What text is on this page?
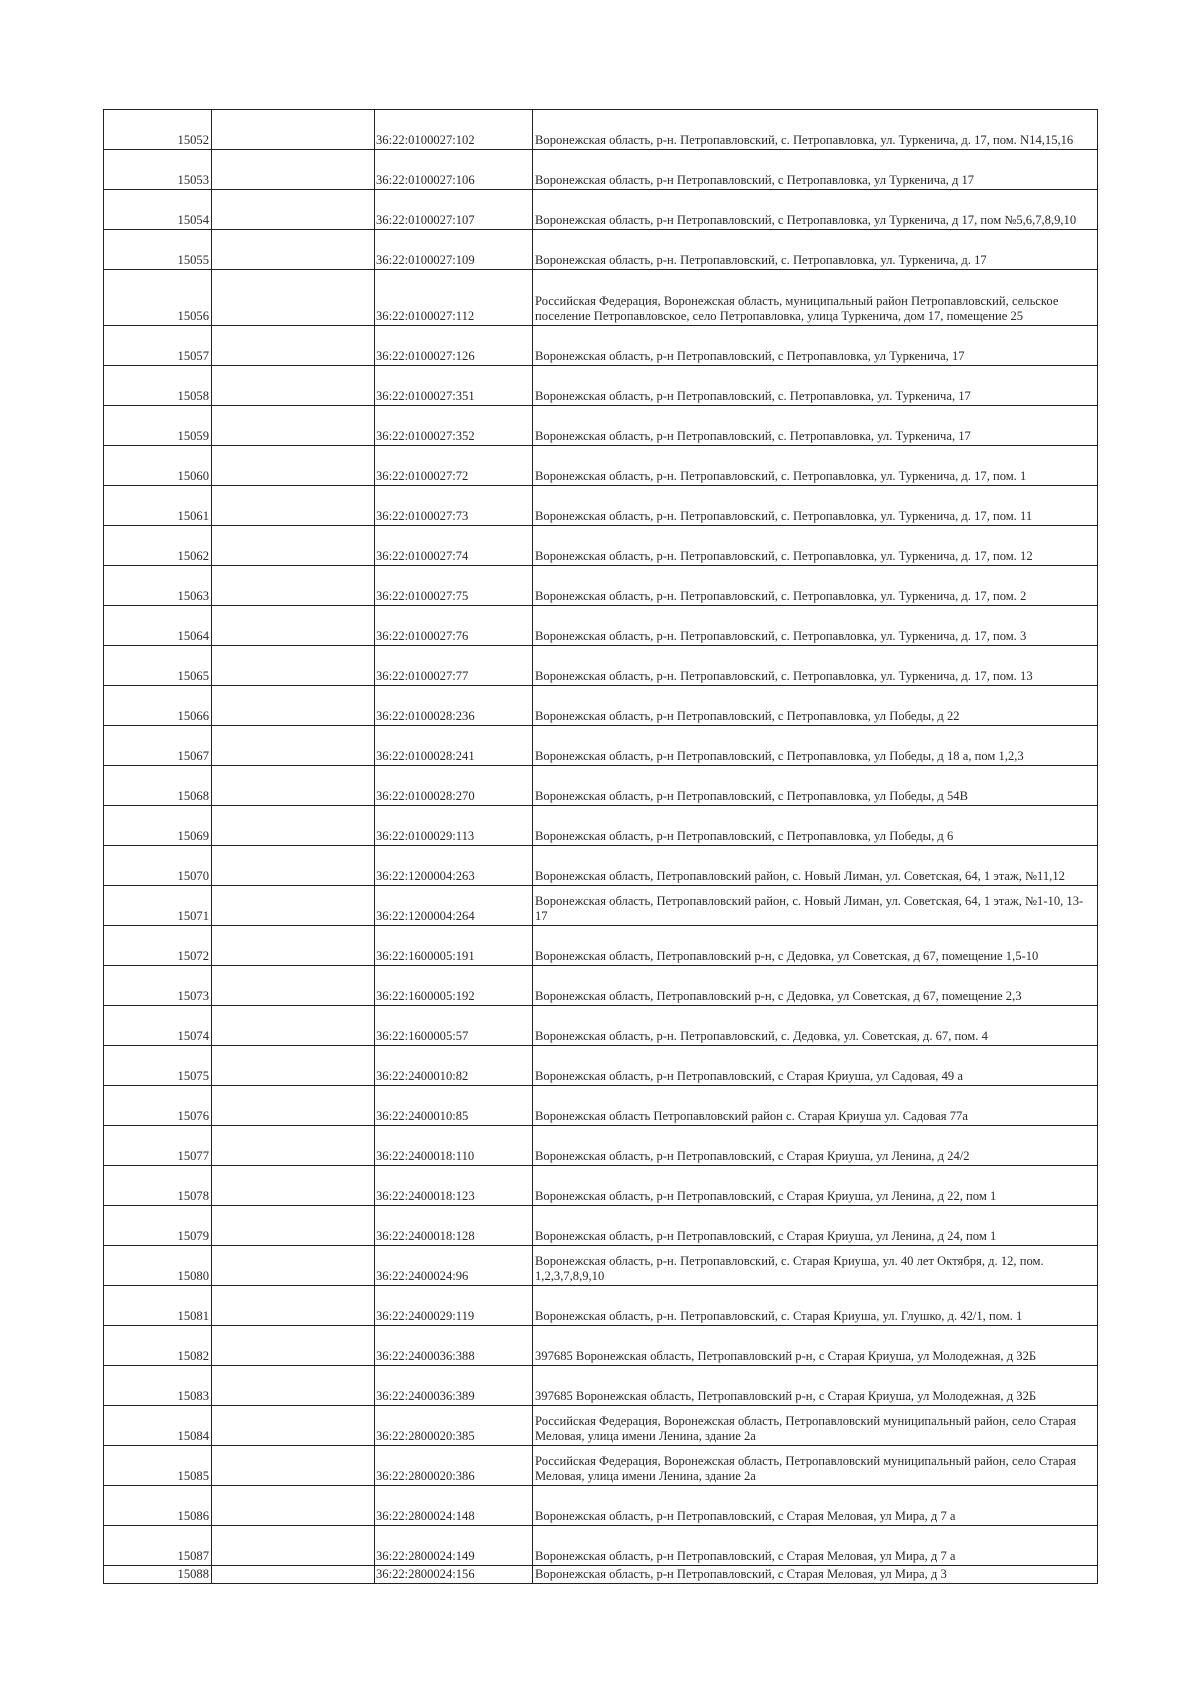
15052		36:22:0100027:102	Воронежская область, р-н. Петропавловский, с. Петропавловка, ул. Туркенича, д. 17, пом. N14,15,16
15053		36:22:0100027:106	Воронежская область, р-н Петропавловский, с Петропавловка, ул Туркенича, д 17
15054		36:22:0100027:107	Воронежская область, р-н Петропавловский, с Петропавловка, ул Туркенича, д 17, пом №5,6,7,8,9,10
15055		36:22:0100027:109	Воронежская область, р-н. Петропавловский, с. Петропавловка, ул. Туркенича, д. 17
15056		36:22:0100027:112	Российская Федерация, Воронежская область, муниципальный район Петропавловский, сельское поселение Петропавловское, село Петропавловка, улица Туркенича, дом 17, помещение 25
15057		36:22:0100027:126	Воронежская область, р-н Петропавловский, с Петропавловка, ул Туркенича, 17
15058		36:22:0100027:351	Воронежская область, р-н Петропавловский, с. Петропавловка, ул. Туркенича, 17
15059		36:22:0100027:352	Воронежская область, р-н Петропавловский, с. Петропавловка, ул. Туркенича, 17
15060		36:22:0100027:72	Воронежская область, р-н. Петропавловский, с. Петропавловка, ул. Туркенича, д. 17, пом. 1
15061		36:22:0100027:73	Воронежская область, р-н. Петропавловский, с. Петропавловка, ул. Туркенича, д. 17, пом. 11
15062		36:22:0100027:74	Воронежская область, р-н. Петропавловский, с. Петропавловка, ул. Туркенича, д. 17, пом. 12
15063		36:22:0100027:75	Воронежская область, р-н. Петропавловский, с. Петропавловка, ул. Туркенича, д. 17, пом. 2
15064		36:22:0100027:76	Воронежская область, р-н. Петропавловский, с. Петропавловка, ул. Туркенича, д. 17, пом. 3
15065		36:22:0100027:77	Воронежская область, р-н. Петропавловский, с. Петропавловка, ул. Туркенича, д. 17, пом. 13
15066		36:22:0100028:236	Воронежская область, р-н Петропавловский, с Петропавловка, ул Победы, д 22
15067		36:22:0100028:241	Воронежская область, р-н Петропавловский, с Петропавловка, ул Победы, д 18 а, пом 1,2,3
15068		36:22:0100028:270	Воронежская область, р-н Петропавловский, с Петропавловка, ул Победы, д 54В
15069		36:22:0100029:113	Воронежская область, р-н Петропавловский, с Петропавловка, ул Победы, д 6
15070		36:22:1200004:263	Воронежская область, Петропавловский район, с. Новый Лиман, ул. Советская, 64, 1 этаж, №11,12
15071		36:22:1200004:264	Воронежская область, Петропавловский район, с. Новый Лиман, ул. Советская, 64, 1 этаж, №1-10, 13-17
15072		36:22:1600005:191	Воронежская область, Петропавловский р-н, с Дедовка, ул Советская, д 67, помещение 1,5-10
15073		36:22:1600005:192	Воронежская область, Петропавловский р-н, с Дедовка, ул Советская, д 67, помещение 2,3
15074		36:22:1600005:57	Воронежская область, р-н. Петропавловский, с. Дедовка, ул. Советская, д. 67, пом. 4
15075		36:22:2400010:82	Воронежская область, р-н Петропавловский, с Старая Криуша, ул Садовая, 49 а
15076		36:22:2400010:85	Воронежская область Петропавловский район с. Старая Криуша ул. Садовая 77а
15077		36:22:2400018:110	Воронежская область, р-н Петропавловский, с Старая Криуша, ул Ленина, д 24/2
15078		36:22:2400018:123	Воронежская область, р-н Петропавловский, с Старая Криуша, ул Ленина, д 22, пом 1
15079		36:22:2400018:128	Воронежская область, р-н Петропавловский, с Старая Криуша, ул Ленина, д 24, пом 1
15080		36:22:2400024:96	Воронежская область, р-н. Петропавловский, с. Старая Криуша, ул. 40 лет Октября, д. 12, пом. 1,2,3,7,8,9,10
15081		36:22:2400029:119	Воронежская область, р-н. Петропавловский, с. Старая Криуша, ул. Глушко, д. 42/1, пом. 1
15082		36:22:2400036:388	397685 Воронежская область, Петропавловский р-н, с Старая Криуша, ул Молодежная, д 32Б
15083		36:22:2400036:389	397685 Воронежская область, Петропавловский р-н, с Старая Криуша, ул Молодежная, д 32Б
15084		36:22:2800020:385	Российская Федерация, Воронежская область, Петропавловский муниципальный район, село Старая Меловая, улица имени Ленина, здание 2а
15085		36:22:2800020:386	Российская Федерация, Воронежская область, Петропавловский муниципальный район, село Старая Меловая, улица имени Ленина, здание 2а
15086		36:22:2800024:148	Воронежская область, р-н Петропавловский, с Старая Меловая, ул Мира, д 7 а
15087		36:22:2800024:149	Воронежская область, р-н Петропавловский, с Старая Меловая, ул Мира, д 7 а
15088		36:22:2800024:156	Воронежская область, р-н Петропавловский, с Старая Меловая, ул Мира, д 3
